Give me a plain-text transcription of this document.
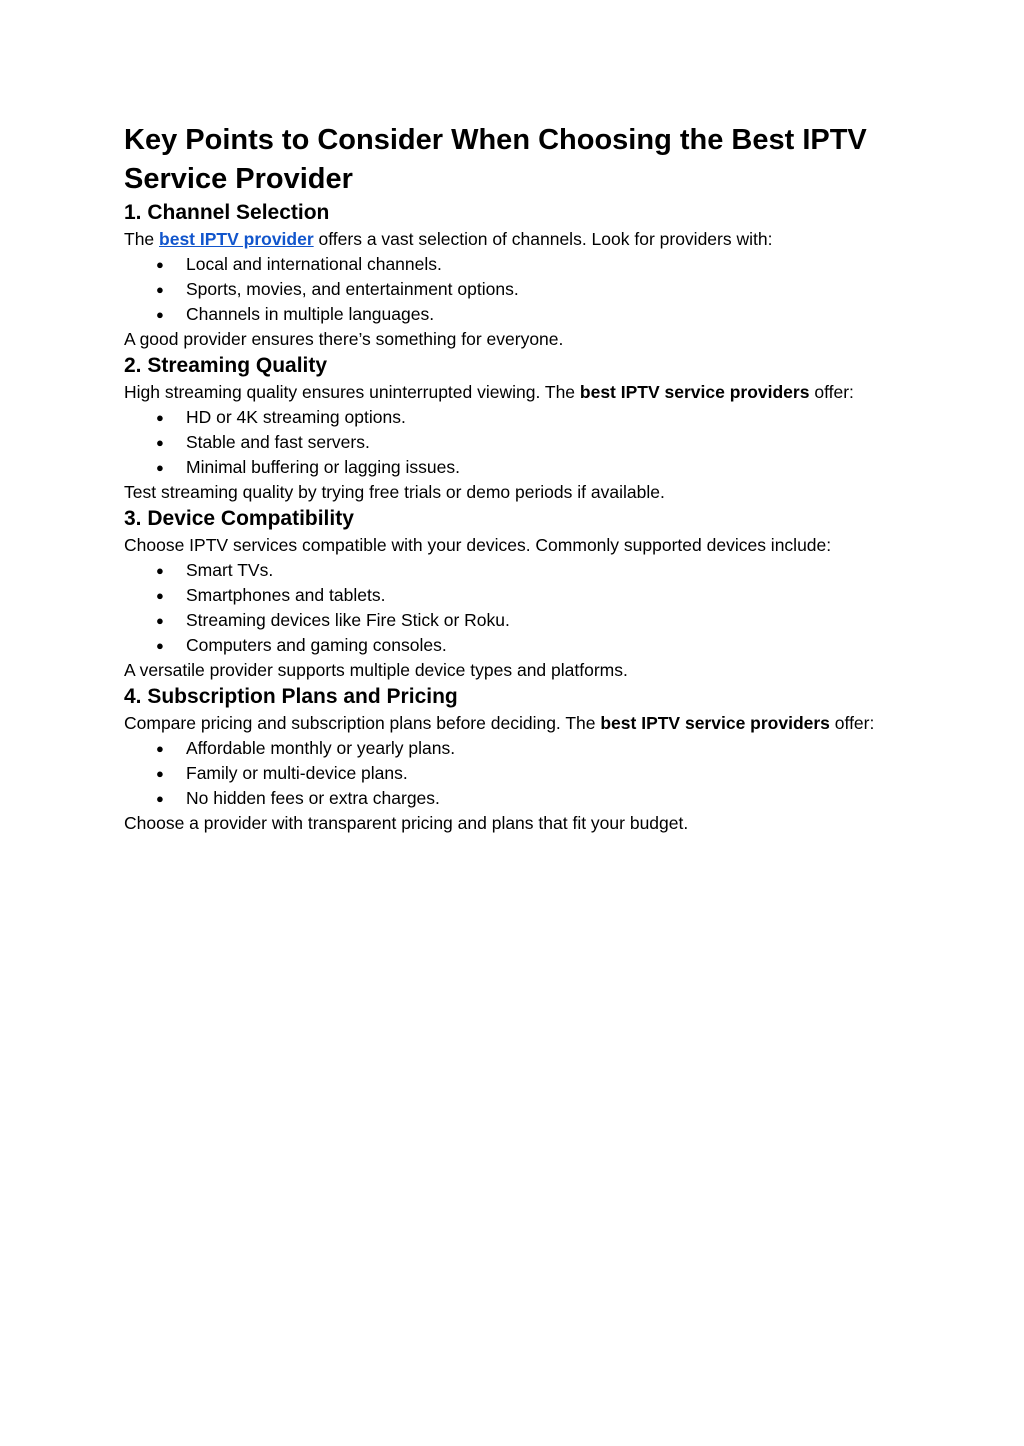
Key Points to Consider When Choosing the Best IPTV Service Provider
1. Channel Selection

The best IPTV provider offers a vast selection of channels. Look for providers with:

● Local and international channels.
● Sports, movies, and entertainment options.
● Channels in multiple languages.

A good provider ensures there’s something for everyone.

2. Streaming Quality

High streaming quality ensures uninterrupted viewing. The best IPTV service providers offer:

● HD or 4K streaming options.
● Stable and fast servers.
● Minimal buffering or lagging issues.

Test streaming quality by trying free trials or demo periods if available.

3. Device Compatibility

Choose IPTV services compatible with your devices. Commonly supported devices include:

● Smart TVs.
● Smartphones and tablets.
● Streaming devices like Fire Stick or Roku.
● Computers and gaming consoles.

A versatile provider supports multiple device types and platforms.

4. Subscription Plans and Pricing

Compare pricing and subscription plans before deciding. The best IPTV service providers offer:

● Affordable monthly or yearly plans.
● Family or multi-device plans.
● No hidden fees or extra charges.

Choose a provider with transparent pricing and plans that fit your budget.
